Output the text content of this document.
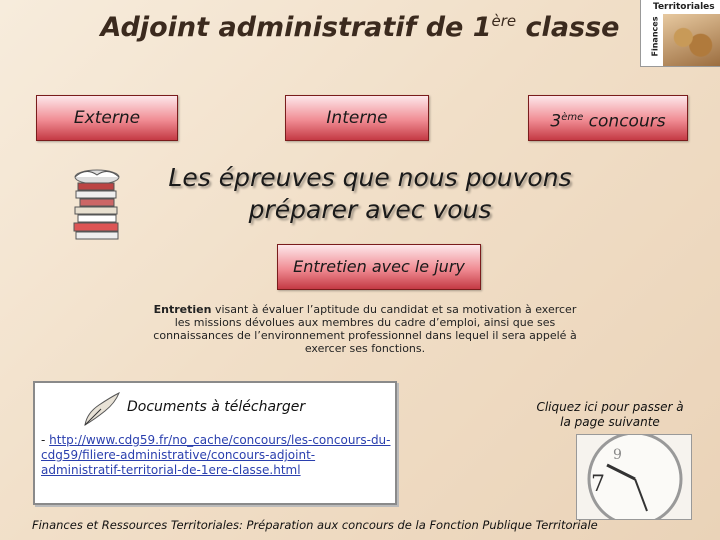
Adjoint administratif de 1ère classe
Territoriales
Finances
Externe	Interne	3ème concours
Les épreuves que nous pouvons
préparer avec vous
Entretien avec le jury
Entretien visant à évaluer l’aptitude du candidat et sa motivation à exercer les missions dévolues aux membres du cadre d’emploi, ainsi que ses connaissances de l’environnement professionnel dans lequel il sera appelé à exercer ses fonctions.
Documents à télécharger
- http://www.cdg59.fr/no_cache/concours/les-concours-du-cdg59/filiere-administrative/concours-adjoint-administratif-territorial-de-1ere-classe.html
Cliquez ici pour passer à la page suivante
7
9
Finances et Ressources Territoriales: Préparation aux concours de la Fonction Publique Territoriale
